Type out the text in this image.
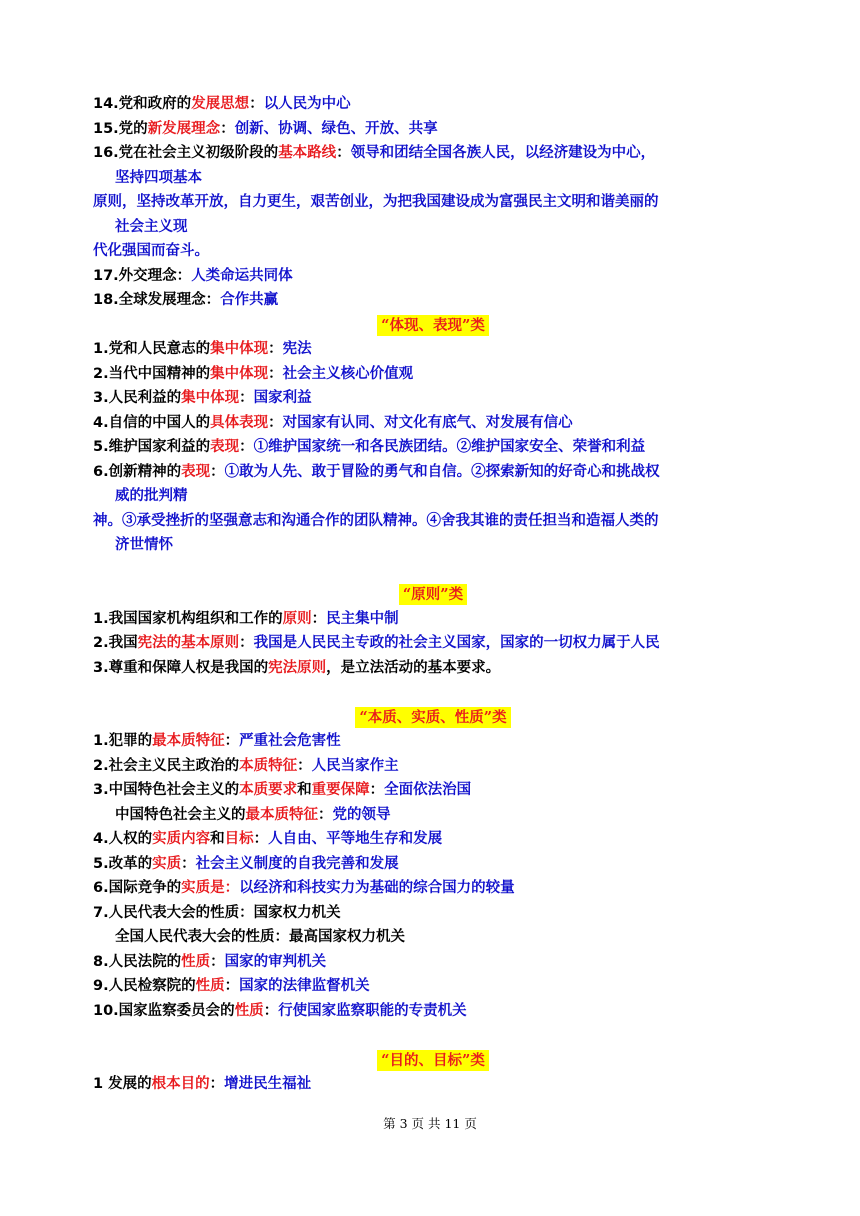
14.党和政府的发展思想：以人民为中心
15.党的新发展理念：创新、协调、绿色、开放、共享
16.党在社会主义初级阶段的基本路线：领导和团结全国各族人民，以经济建设为中心，
坚持四项基本
原则，坚持改革开放，自力更生，艰苦创业，为把我国建设成为富强民主文明和谐美丽的
社会主义现
代化强国而奋斗。
17.外交理念：人类命运共同体
18.全球发展理念：合作共赢
“体现、表现”类
1.党和人民意志的集中体现：宪法
2.当代中国精神的集中体现：社会主义核心价值观
3.人民利益的集中体现：国家利益
4.自信的中国人的具体表现：对国家有认同、对文化有底气、对发展有信心
5.维护国家利益的表现：①维护国家统一和各民族团结。②维护国家安全、荣誉和利益
6.创新精神的表现：①敢为人先、敢于冒险的勇气和自信。②探索新知的好奇心和挑战权
威的批判精
神。③承受挫折的坚强意志和沟通合作的团队精神。④舍我其谁的责任担当和造福人类的
济世情怀
“原则”类
1.我国国家机构组织和工作的原则：民主集中制
2.我国宪法的基本原则：我国是人民民主专政的社会主义国家，国家的一切权力属于人民
3.尊重和保障人权是我国的宪法原则，是立法活动的基本要求。
“本质、实质、性质”类
1.犯罪的最本质特征：严重社会危害性
2.社会主义民主政治的本质特征：人民当家作主
3.中国特色社会主义的本质要求和重要保障：全面依法治国
中国特色社会主义的最本质特征：党的领导
4.人权的实质内容和目标：人自由、平等地生存和发展
5.改革的实质：社会主义制度的自我完善和发展
6.国际竞争的实质是：以经济和科技实力为基础的综合国力的较量
7.人民代表大会的性质：国家权力机关
全国人民代表大会的性质：最高国家权力机关
8.人民法院的性质：国家的审判机关
9.人民检察院的性质：国家的法律监督机关
10.国家监察委员会的性质：行使国家监察职能的专责机关
“目的、目标”类
1 发展的根本目的：增进民生福祉
第 3 页 共 11 页
